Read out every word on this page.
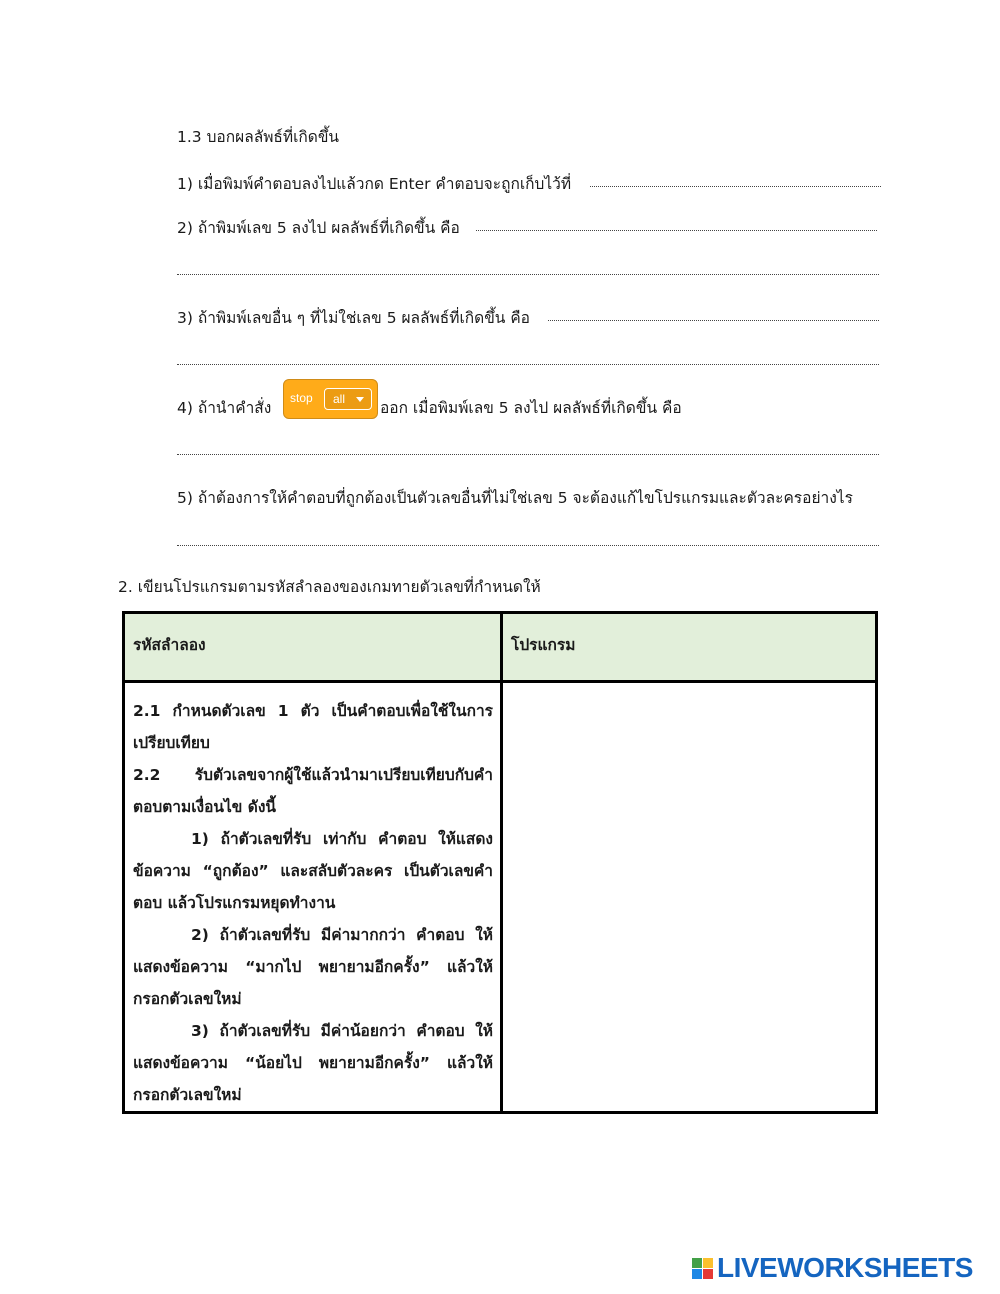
1.3 บอกผลลัพธ์ที่เกิดขึ้น
1) เมื่อพิมพ์คำตอบลงไปแล้วกด Enter คำตอบจะถูกเก็บไว้ที่
2) ถ้าพิมพ์เลข 5 ลงไป ผลลัพธ์ที่เกิดขึ้น คือ
3) ถ้าพิมพ์เลขอื่น ๆ ที่ไม่ใช่เลข 5 ผลลัพธ์ที่เกิดขึ้น คือ
4) ถ้านำคำสั่ง
stop all ออก เมื่อพิมพ์เลข 5 ลงไป ผลลัพธ์ที่เกิดขึ้น คือ
5) ถ้าต้องการให้คำตอบที่ถูกต้องเป็นตัวเลขอื่นที่ไม่ใช่เลข 5 จะต้องแก้ไขโปรแกรมและตัวละครอย่างไร
2. เขียนโปรแกรมตามรหัสลำลองของเกมทายตัวเลขที่กำหนดให้
รหัสลำลอง	โปรแกรม

2.1 กำหนดตัวเลข 1 ตัว เป็นคำตอบเพื่อใช้ในการเปรียบเทียบ

2.2 รับตัวเลขจากผู้ใช้แล้วนำมาเปรียบเทียบกับคำตอบตามเงื่อนไข ดังนี้

1) ถ้าตัวเลขที่รับ เท่ากับ คำตอบ ให้แสดงข้อความ “ถูกต้อง” และสลับตัวละคร เป็นตัวเลขคำตอบ แล้วโปรแกรมหยุดทำงาน

2) ถ้าตัวเลขที่รับ มีค่ามากกว่า คำตอบ ให้แสดงข้อความ “มากไป พยายามอีกครั้ง” แล้วให้กรอกตัวเลขใหม่

3) ถ้าตัวเลขที่รับ มีค่าน้อยกว่า คำตอบ ให้แสดงข้อความ “น้อยไป พยายามอีกครั้ง” แล้วให้กรอกตัวเลขใหม่

LIVEWORKSHEETS
